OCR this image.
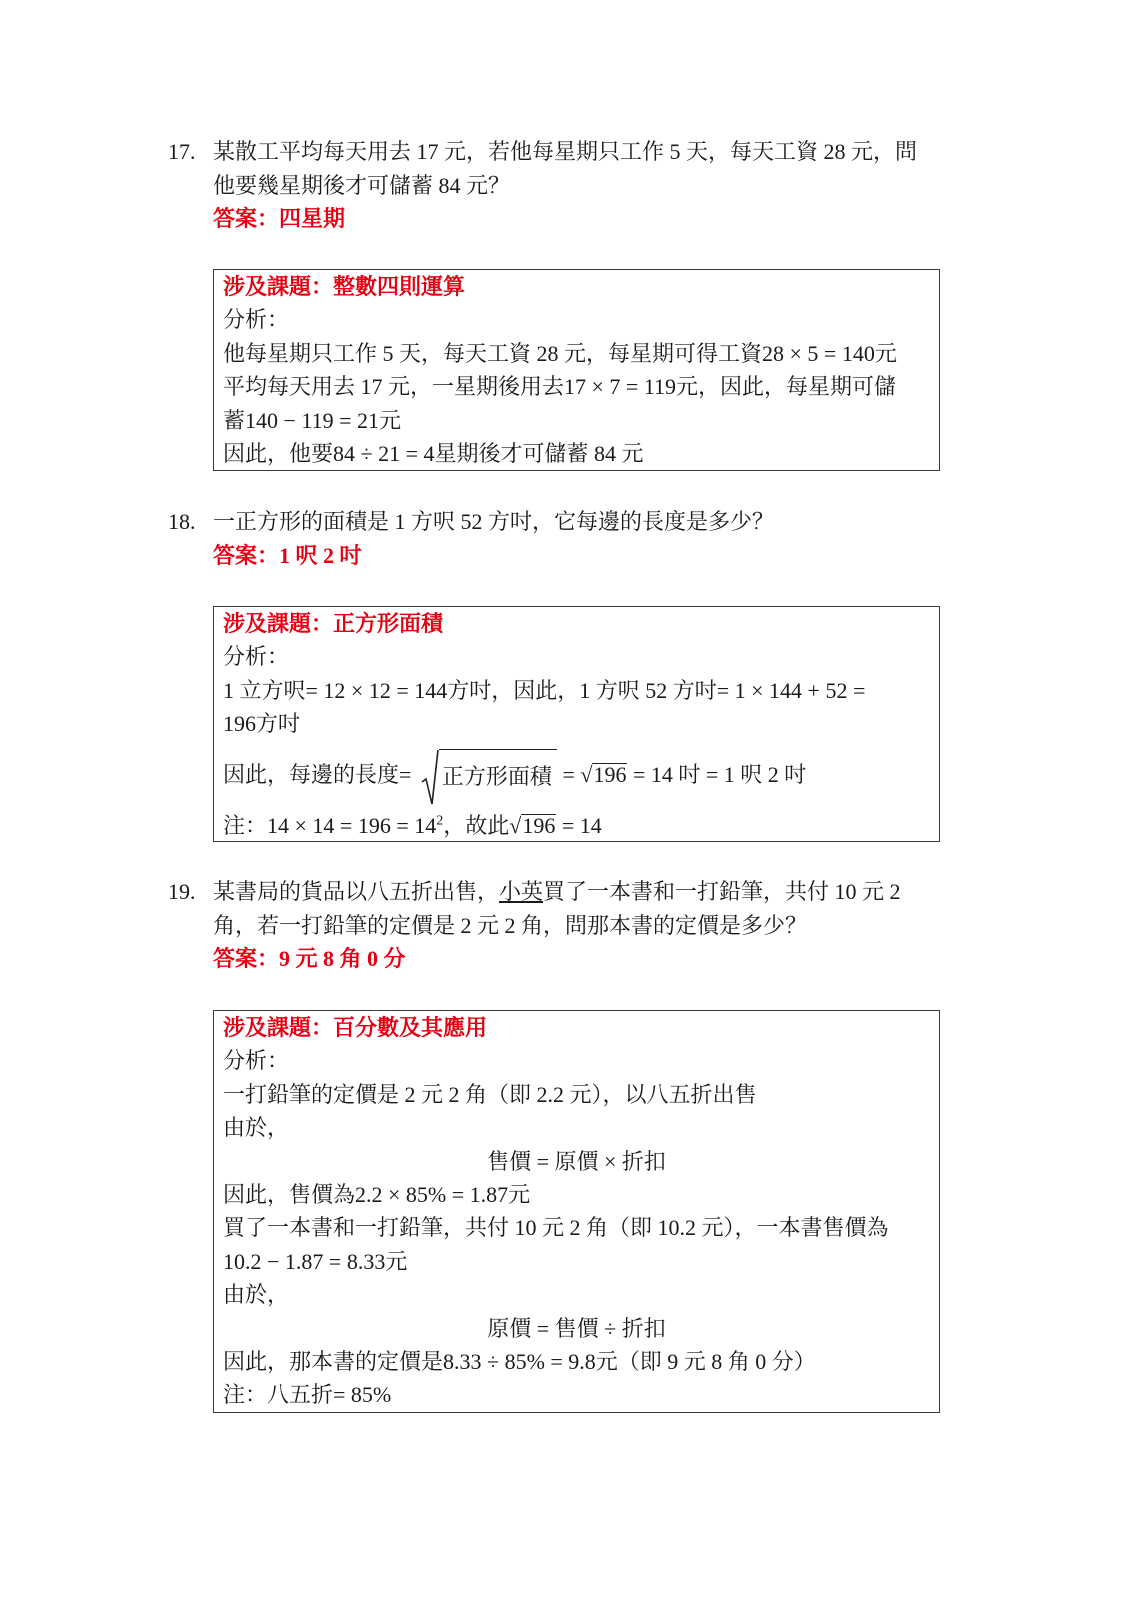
17. 某散工平均每天用去 17 元，若他每星期只工作 5 天，每天工資 28 元，問
他要幾星期後才可儲蓄 84 元？
答案：四星期
涉及課題：整數四則運算
分析：
他每星期只工作 5 天，每天工資 28 元，每星期可得工資28 × 5 = 140元
平均每天用去 17 元，一星期後用去17 × 7 = 119元，因此，每星期可儲
蓄140 − 119 = 21元
因此，他要84 ÷ 21 = 4星期後才可儲蓄 84 元
18. 一正方形的面積是 1 方呎 52 方吋，它每邊的長度是多少？
答案：1 呎 2 吋
涉及課題：正方形面積
分析：
1 立方呎= 12 × 12 = 144方吋，因此，1 方呎 52 方吋= 1 × 144 + 52 =
196方吋
因此，每邊的長度= 正方形面積 = √196 = 14 吋 = 1 呎 2 吋
注：$14 \times 14 = 196 = 14^2$，故此√196 = 14
19. 某書局的貨品以八五折出售，小英買了一本書和一打鉛筆，共付 10 元 2
角，若一打鉛筆的定價是 2 元 2 角，問那本書的定價是多少？
答案：9 元 8 角 0 分
涉及課題：百分數及其應用
分析：
一打鉛筆的定價是 2 元 2 角（即 2.2 元），以八五折出售
由於，
售價 = 原價 × 折扣
因此，售價為2.2 × 85% = 1.87元
買了一本書和一打鉛筆，共付 10 元 2 角（即 10.2 元），一本書售價為
10.2 − 1.87 = 8.33元
由於，
原價 = 售價 ÷ 折扣
因此，那本書的定價是8.33 ÷ 85% = 9.8元（即 9 元 8 角 0 分）
注：八五折= 85%
